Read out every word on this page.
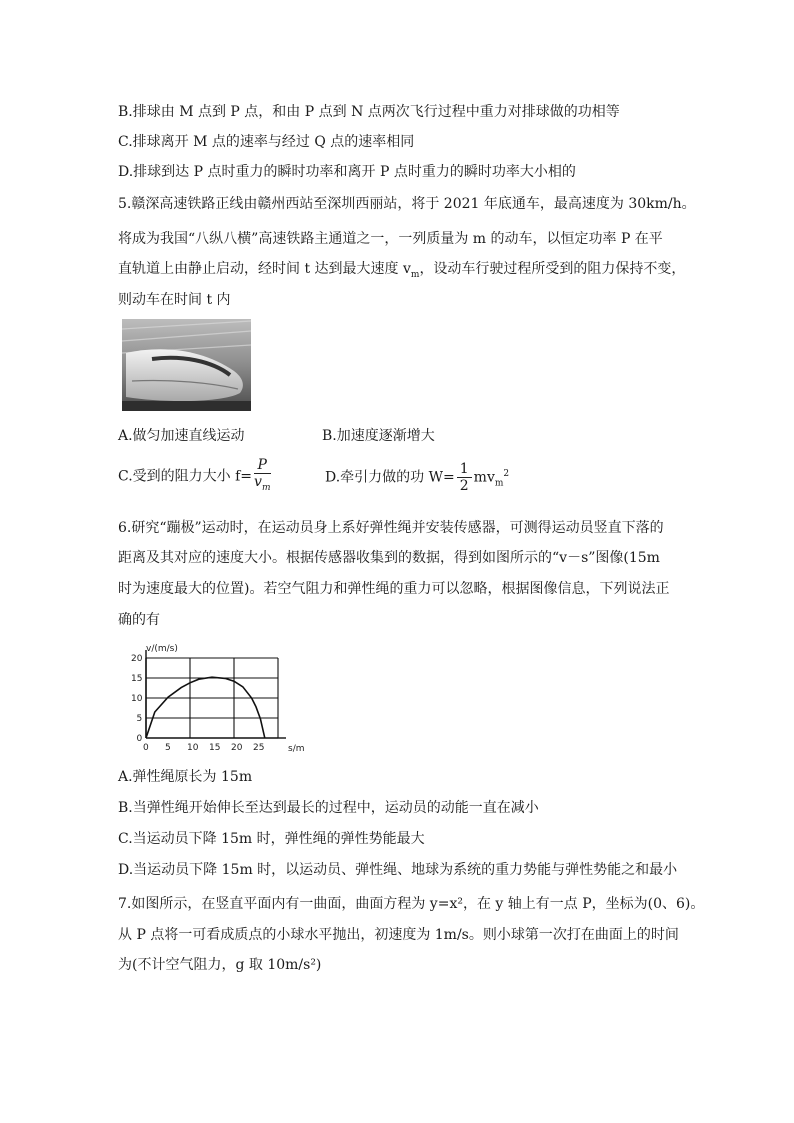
B.排球由 M 点到 P 点，和由 P 点到 N 点两次飞行过程中重力对排球做的功相等
C.排球离开 M 点的速率与经过 Q 点的速率相同
D.排球到达 P 点时重力的瞬时功率和离开 P 点时重力的瞬时功率大小相的
5.赣深高速铁路正线由赣州西站至深圳西丽站，将于 2021 年底通车，最高速度为 30km/h。
将成为我国“八纵八横”高速铁路主通道之一，一列质量为 m 的动车，以恒定功率 P 在平
直轨道上由静止启动，经时间 t 达到最大速度 $v_m$，设动车行驶过程所受到的阻力保持不变，
则动车在时间 t 内
A.做匀加速直线运动	B.加速度逐渐增大
C.受到的阻力大小 $f= \frac{P}{v_m}$	D.牵引力做的功 $W= \frac{1}{2} mv_m^2$
6.研究“蹦极”运动时，在运动员身上系好弹性绳并安装传感器，可测得运动员竖直下落的
距离及其对应的速度大小。根据传感器收集到的数据，得到如图所示的“v－s”图像(15m
时为速度最大的位置)。若空气阻力和弹性绳的重力可以忽略，根据图像信息，下列说法正
确的有
0 5 10 15 20 25
0
5
10
15
20
v/(m/s)
s/m
A.弹性绳原长为 15m
B.当弹性绳开始伸长至达到最长的过程中，运动员的动能一直在减小
C.当运动员下降 15m 时，弹性绳的弹性势能最大
D.当运动员下降 15m 时，以运动员、弹性绳、地球为系统的重力势能与弹性势能之和最小
7.如图所示，在竖直平面内有一曲面，曲面方程为 y=x²，在 y 轴上有一点 P，坐标为(0、6)。
从 P 点将一可看成质点的小球水平抛出，初速度为 1m/s。则小球第一次打在曲面上的时间
为(不计空气阻力，g 取 10m/s²)
